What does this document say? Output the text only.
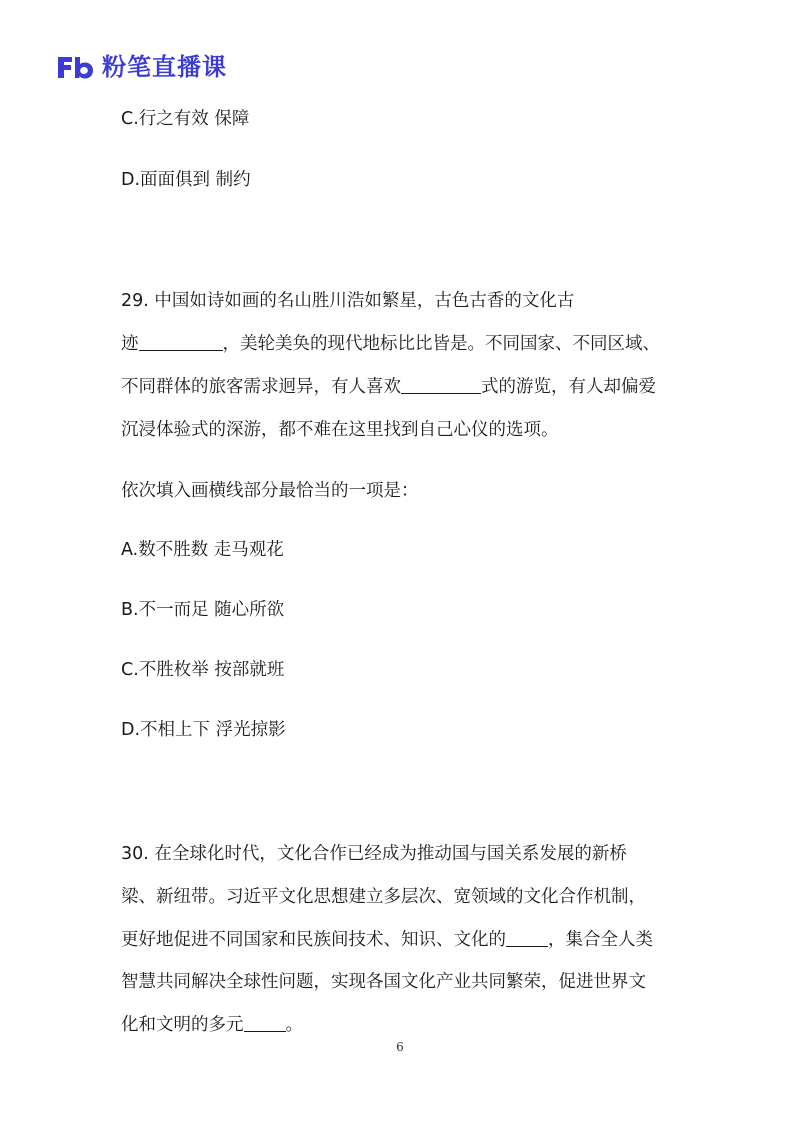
粉笔直播课
C.行之有效 保障
D.面面俱到 制约
29. 中国如诗如画的名山胜川浩如繁星，古色古香的文化古
迹	，美轮美奂的现代地标比比皆是。不同国家、不同区域、
不同群体的旅客需求迥异，有人喜欢	式的游览，有人却偏爱
沉浸体验式的深游，都不难在这里找到自己心仪的选项。
依次填入画横线部分最恰当的一项是：
A.数不胜数 走马观花
B.不一而足 随心所欲
C.不胜枚举 按部就班
D.不相上下 浮光掠影
30. 在全球化时代，文化合作已经成为推动国与国关系发展的新桥
梁、新纽带。习近平文化思想建立多层次、宽领域的文化合作机制，
更好地促进不同国家和民族间技术、知识、文化的 ，集合全人类
智慧共同解决全球性问题，实现各国文化产业共同繁荣，促进世界文
化和文明的多元 。
6
